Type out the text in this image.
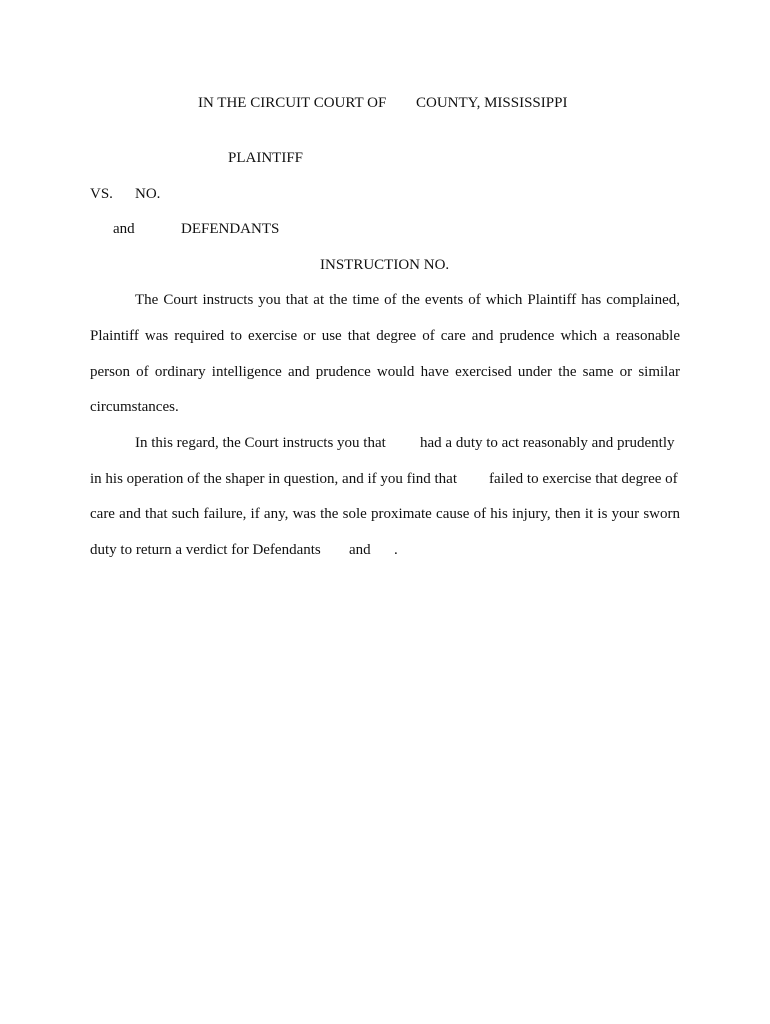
IN THE CIRCUIT COURT OF COUNTY, MISSISSIPPI
PLAINTIFF
VS. NO.
and	DEFENDANTS
INSTRUCTION NO.
The Court instructs you that at the time of the events of which Plaintiff has complained,
Plaintiff was required to exercise or use that degree of care and prudence which a reasonable
person of ordinary intelligence and prudence would have exercised under the same or similar
circumstances.
In this regard, the Court instructs you that had a duty to act reasonably and prudently
in his operation of the shaper in question, and if you find that failed to exercise that degree of
care and that such failure, if any, was the sole proximate cause of his injury, then it is your sworn
duty to return a verdict for Defendants and .
